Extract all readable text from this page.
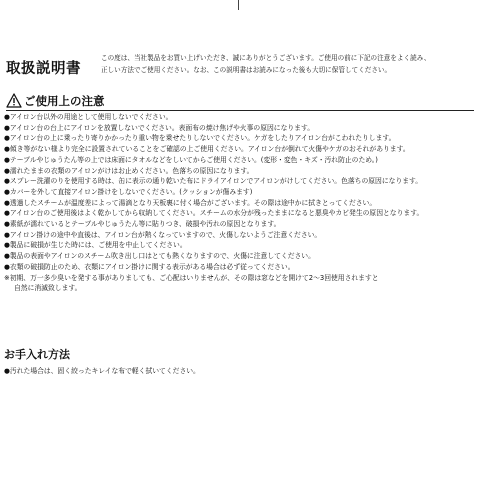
取扱説明書
この度は、当社製品をお買い上げいただき、誠にありがとうございます。ご使用の前に下記の注意をよく読み、
正しい方法でご使用ください。なお、この説明書はお読みになった後も大切に保管してください。
ご使用上の注意
●アイロン台以外の用途として使用しないでください。
●アイロン台の台上にアイロンを放置しないでください。表面布の焼け焦げや火事の原因になります。
●アイロン台の上に乗ったり寄りかかったり重い物を乗せたりしないでください。ケガをしたりアイロン台がこわれたりします。
●傾き等がない様より完全に設置されていることをご確認の上ご使用ください。アイロン台が倒れて火傷やケガのおそれがあります。
●テーブルやじゅうたん等の上では床面にタオルなどをしいてからご使用ください。(変形・変色・キズ・汚れ防止のため。)
●濡れたままの衣類のアイロンがけはお止めください。色落ちの原因になります。
●スプレー洗濯のりを使用する時は、缶に表示の通り乾いた布にドライアイロンでアイロンがけしてください。色落ちの原因になります。
●カバーを外して直接アイロン掛けをしないでください。(クッションが傷みます)
●透過したスチームが温度差によって湯滴となり天板裏に付く場合がございます。その際は途中かに拭きとってください。
●アイロン台のご使用後はよく乾かしてから収納してください。スチームの水分が残ったままになると悪臭やカビ発生の原因となります。
●素紙が濡れているとテーブルやじゅうたん等に貼りつき、破損や汚れの原因となります。
●アイロン掛けの途中や直後は、アイロン台が熱くなっていますので、火傷しないようご注意ください。
●製品に破損が生じた時には、ご使用を中止してください。
●製品の表面やアイロンのスチーム吹き出し口はとても熱くなりますので、火傷に注意してください。
●衣類の破損防止のため、衣類にアイロン掛けに関する表示がある場合は必ず従ってください。
※初期、万一多少臭いを発する事がありましても、ご心配はいりませんが、その際は窓などを開けて2～3回使用されますと
自然に消滅致します。
お手入れ方法
●汚れた場合は、固く絞ったキレイな布で軽く拭いてください。
